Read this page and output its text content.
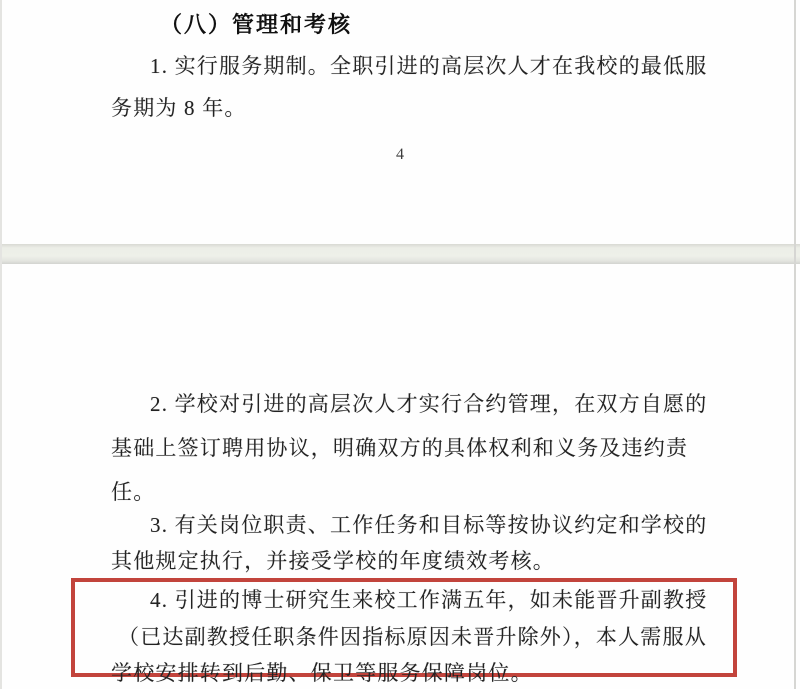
（八）管理和考核
1. 实行服务期制。全职引进的高层次人才在我校的最低服
务期为 8 年。
4
2. 学校对引进的高层次人才实行合约管理，在双方自愿的
基础上签订聘用协议，明确双方的具体权利和义务及违约责
任。
3. 有关岗位职责、工作任务和目标等按协议约定和学校的
其他规定执行，并接受学校的年度绩效考核。
4. 引进的博士研究生来校工作满五年，如未能晋升副教授
（已达副教授任职条件因指标原因未晋升除外），本人需服从
学校安排转到后勤、保卫等服务保障岗位。
